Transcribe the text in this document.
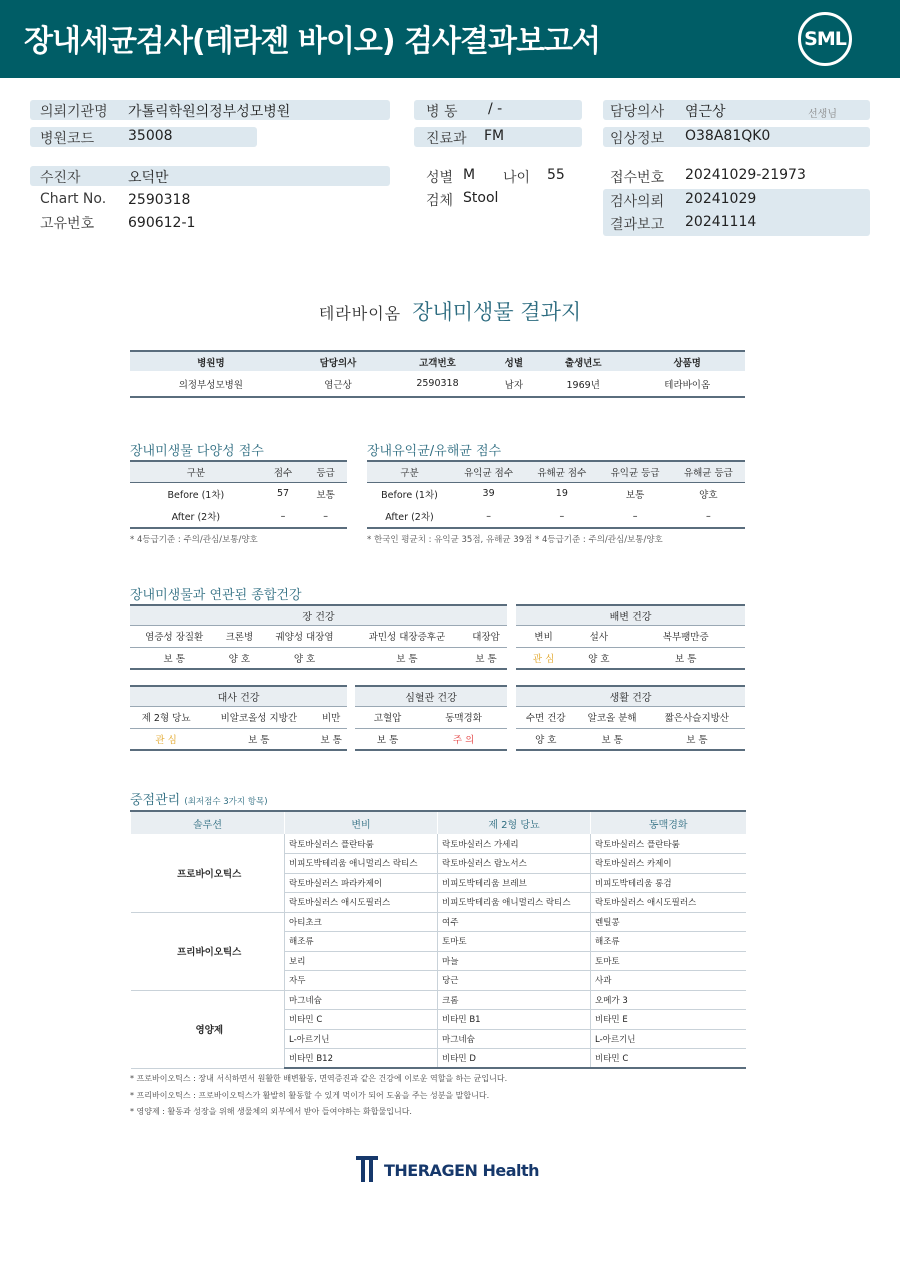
장내세균검사(테라젠 바이오) 검사결과보고서	SML
의뢰기관명 가톨릭학원의정부성모병원
병원코드 35008
병 동 / -
진료과 FM
담당의사 염근상	선생님
임상정보 O38A81QK0
수진자	오덕만
Chart No. 2590318
고유번호 690612-1
성별 M 나이 55
검체 Stool
접수번호 20241029-21973
검사의뢰 20241029
결과보고 20241114
테라바이옴 장내미생물 결과지
병원명	담당의사	고객번호	성별	출생년도	상품명
의정부성모병원	염근상	2590318	남자	1969년	테라바이옴
장내미생물 다양성 점수
구분	점수	등급
Before (1차)	57	보통
After (2차)	–	–
* 4등급기준 : 주의/관심/보통/양호
장내유익균/유해균 점수
구분	유익균 점수	유해균 점수	유익균 등급	유해균 등급
Before (1차)	39	19	보통	양호
After (2차)	–	–	–	–
* 한국인 평균치 : 유익균 35점, 유해균 39점 * 4등급기준 : 주의/관심/보통/양호
장내미생물과 연관된 종합건강
장 건강				
염증성 장질환	크론병	궤양성 대장염	과민성 대장증후군	대장암
보 통	양 호	양 호	보 통	보 통
배변 건강		
변비	설사	복부팽만증
관 심	양 호	보 통
대사 건강		
제 2형 당뇨	비알코올성 지방간	비만
관 심	보 통	보 통
심혈관 건강	
고혈압	동맥경화
보 통	주 의
생활 건강		
수면 건강	알코올 분해	짧은사슬지방산
양 호	보 통	보 통
중점관리 (최저점수 3가지 항목)
솔루션	변비	제 2형 당뇨	동맥경화
프로바이오틱스	락토바실러스 플란타룸	락토바실러스 가세리	락토바실러스 플란타룸
	비피도박테리움 애니멀리스 락티스	락토바실러스 람노서스	락토바실러스 카제이
	락토바실러스 파라카제이	비피도박테리움 브레브	비피도박테리움 롱검
	락토바실러스 애시도필러스	비피도박테리움 애니멀리스 락티스	락토바실러스 애시도필러스
프리바이오틱스	아티초크	여주	렌틸콩
	해조류	토마토	해조류
	보리	마늘	토마토
	자두	당근	사과
영양제	마그네슘	크롬	오메가 3
	비타민 C	비타민 B1	비타민 E
	L-아르기닌	마그네슘	L-아르기닌
	비타민 B12	비타민 D	비타민 C
* 프로바이오틱스 : 장내 서식하면서 원활한 배변활동, 면역증진과 같은 건강에 이로운 역할을 하는 균입니다.
* 프리바이오틱스 : 프로바이오틱스가 활발히 활동할 수 있게 먹이가 되어 도움을 주는 성분을 말합니다.
* 영양제 : 활동과 성장을 위해 생물체의 외부에서 받아 들여야하는 화합물입니다.
THERAGEN Health
